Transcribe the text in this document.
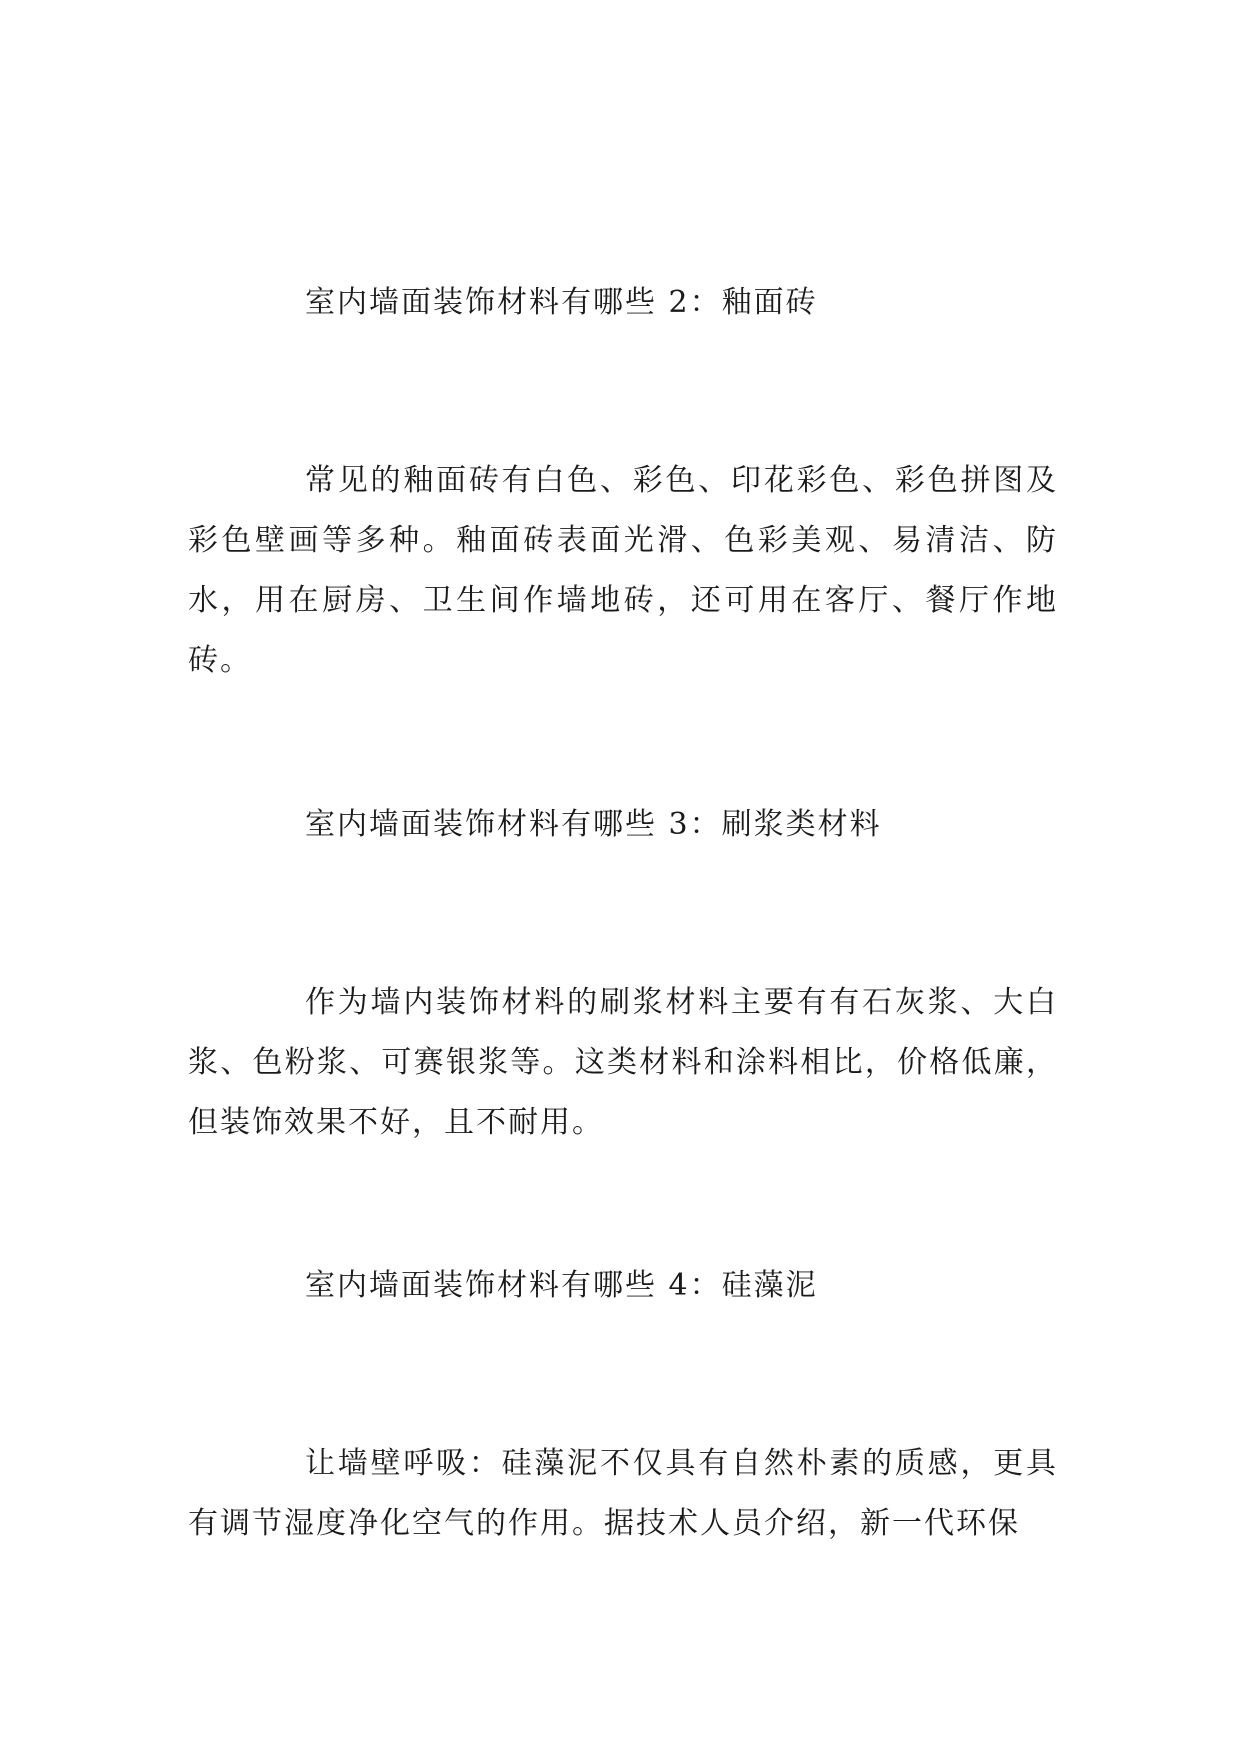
室内墙面装饰材料有哪些 2：釉面砖

常见的釉面砖有白色、彩色、印花彩色、彩色拼图及彩色壁画等多种。釉面砖表面光滑、色彩美观、易清洁、防水，用在厨房、卫生间作墙地砖，还可用在客厅、餐厅作地砖。

室内墙面装饰材料有哪些 3：刷浆类材料

作为墙内装饰材料的刷浆材料主要有有石灰浆、大白浆、色粉浆、可赛银浆等。这类材料和涂料相比，价格低廉，但装饰效果不好，且不耐用。

室内墙面装饰材料有哪些 4：硅藻泥

让墙壁呼吸：硅藻泥不仅具有自然朴素的质感，更具有调节湿度净化空气的作用。据技术人员介绍，新一代环保
